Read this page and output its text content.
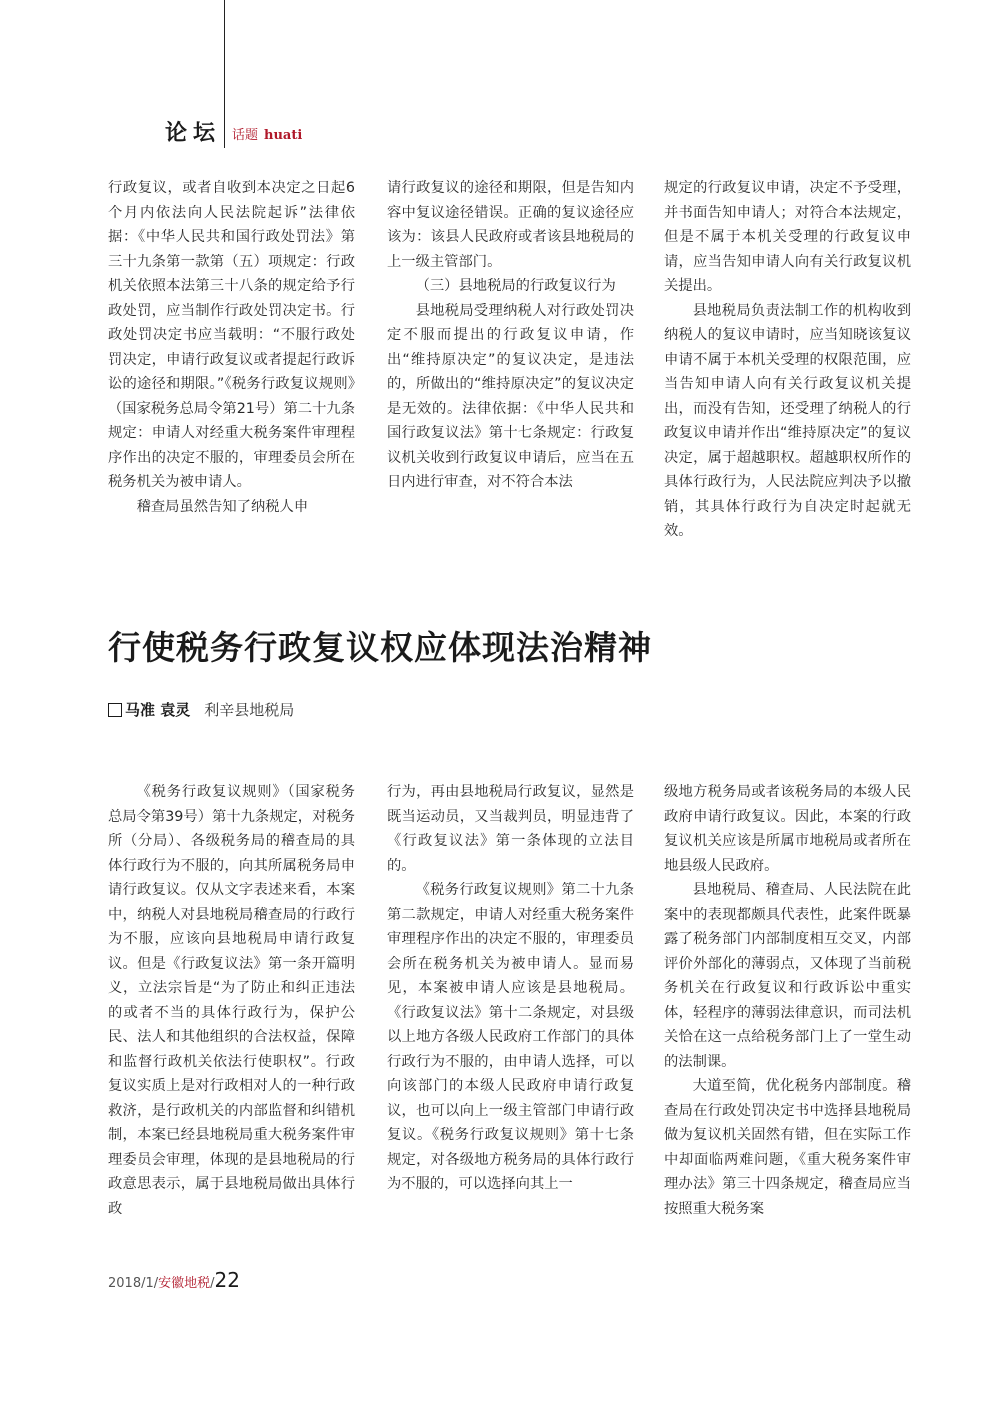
论坛 话题 huati

行政复议，或者自收到本决定之日起6个月内依法向人民法院起诉”法律依据：《中华人民共和国行政处罚法》第三十九条第一款第（五）项规定：行政机关依照本法第三十八条的规定给予行政处罚，应当制作行政处罚决定书。行政处罚决定书应当载明：“不服行政处罚决定，申请行政复议或者提起行政诉讼的途径和期限。”《税务行政复议规则》（国家税务总局令第21号）第二十九条规定：申请人对经重大税务案件审理程序作出的决定不服的，审理委员会所在税务机关为被申请人。

稽查局虽然告知了纳税人申

请行政复议的途径和期限，但是告知内容中复议途径错误。正确的复议途径应该为：该县人民政府或者该县地税局的上一级主管部门。

（三）县地税局的行政复议行为

县地税局受理纳税人对行政处罚决定不服而提出的行政复议申请，作出“维持原决定”的复议决定，是违法的，所做出的“维持原决定”的复议决定是无效的。法律依据：《中华人民共和国行政复议法》第十七条规定：行政复议机关收到行政复议申请后，应当在五日内进行审查，对不符合本法

规定的行政复议申请，决定不予受理，并书面告知申请人；对符合本法规定，但是不属于本机关受理的行政复议申请，应当告知申请人向有关行政复议机关提出。

县地税局负责法制工作的机构收到纳税人的复议申请时，应当知晓该复议申请不属于本机关受理的权限范围，应当告知申请人向有关行政复议机关提出，而没有告知，还受理了纳税人的行政复议申请并作出“维持原决定”的复议决定，属于超越职权。超越职权所作的具体行政行为，人民法院应判决予以撤销，其具体行政行为自决定时起就无效。

行使税务行政复议权应体现法治精神
马准 袁灵 利辛县地税局

《税务行政复议规则》（国家税务总局令第39号）第十九条规定，对税务所（分局）、各级税务局的稽查局的具体行政行为不服的，向其所属税务局申请行政复议。仅从文字表述来看，本案中，纳税人对县地税局稽查局的行政行为不服，应该向县地税局申请行政复议。但是《行政复议法》第一条开篇明义，立法宗旨是“为了防止和纠正违法的或者不当的具体行政行为，保护公民、法人和其他组织的合法权益，保障和监督行政机关依法行使职权”。行政复议实质上是对行政相对人的一种行政救济，是行政机关的内部监督和纠错机制，本案已经县地税局重大税务案件审理委员会审理，体现的是县地税局的行政意思表示，属于县地税局做出具体行政

行为，再由县地税局行政复议，显然是既当运动员，又当裁判员，明显违背了《行政复议法》第一条体现的立法目的。

《税务行政复议规则》第二十九条第二款规定，申请人对经重大税务案件审理程序作出的决定不服的，审理委员会所在税务机关为被申请人。显而易见，本案被申请人应该是县地税局。《行政复议法》第十二条规定，对县级以上地方各级人民政府工作部门的具体行政行为不服的，由申请人选择，可以向该部门的本级人民政府申请行政复议，也可以向上一级主管部门申请行政复议。《税务行政复议规则》第十七条规定，对各级地方税务局的具体行政行为不服的，可以选择向其上一

级地方税务局或者该税务局的本级人民政府申请行政复议。因此，本案的行政复议机关应该是所属市地税局或者所在地县级人民政府。

县地税局、稽查局、人民法院在此案中的表现都颇具代表性，此案件既暴露了税务部门内部制度相互交叉，内部评价外部化的薄弱点，又体现了当前税务机关在行政复议和行政诉讼中重实体，轻程序的薄弱法律意识，而司法机关恰在这一点给税务部门上了一堂生动的法制课。

大道至简，优化税务内部制度。稽查局在行政处罚决定书中选择县地税局做为复议机关固然有错，但在实际工作中却面临两难问题，《重大税务案件审理办法》第三十四条规定，稽查局应当按照重大税务案

2018/1/ 安徽地税 / 22
